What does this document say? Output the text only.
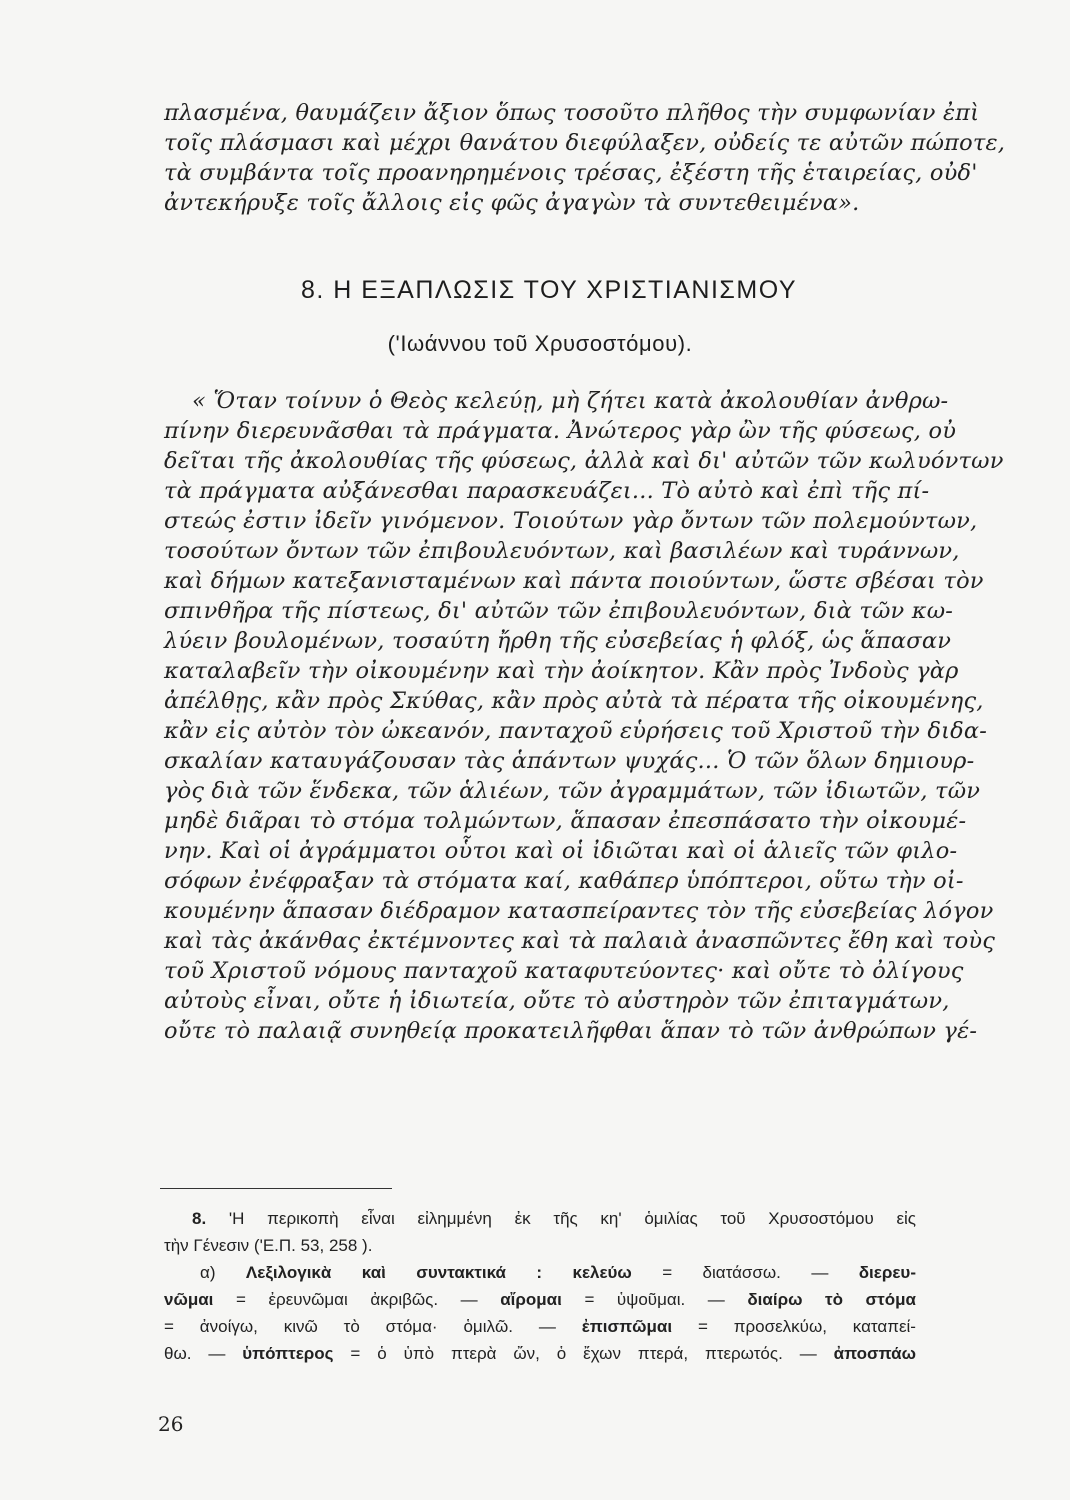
πλασμένα, θαυμάζειν ἄξιον ὅπως τοσοῦτο πλῆθος τὴν συμφωνίαν ἐπὶ
τοῖς πλάσμασι καὶ μέχρι θανάτου διεφύλαξεν, οὐδείς τε αὐτῶν πώποτε,
τὰ συμβάντα τοῖς προανηρημένοις τρέσας, ἐξέστη τῆς ἑταιρείας, οὐδ'
ἀντεκήρυξε τοῖς ἄλλοις εἰς φῶς ἀγαγὼν τὰ συντεθειμένα».
8. Η ΕΞΑΠΛΩΣΙΣ ΤΟΥ ΧΡΙΣΤΙΑΝΙΣΜΟΥ
('Ιωάννου τοῦ Χρυσοστόμου).
« Ὅταν τοίνυν ὁ Θεὸς κελεύῃ, μὴ ζήτει κατὰ ἀκολουθίαν ἀνθρω-
πίνην διερευνᾶσθαι τὰ πράγματα. Ἀνώτερος γὰρ ὢν τῆς φύσεως, οὐ
δεῖται τῆς ἀκολουθίας τῆς φύσεως, ἀλλὰ καὶ δι' αὐτῶν τῶν κωλυόντων
τὰ πράγματα αὐξάνεσθαι παρασκευάζει... Τὸ αὐτὸ καὶ ἐπὶ τῆς πί-
στεώς ἐστιν ἰδεῖν γινόμενον. Τοιούτων γὰρ ὄντων τῶν πολεμούντων,
τοσούτων ὄντων τῶν ἐπιβουλευόντων, καὶ βασιλέων καὶ τυράννων,
καὶ δήμων κατεξανισταμένων καὶ πάντα ποιούντων, ὥστε σβέσαι τὸν
σπινθῆρα τῆς πίστεως, δι' αὐτῶν τῶν ἐπιβουλευόντων, διὰ τῶν κω-
λύειν βουλομένων, τοσαύτη ἤρθη τῆς εὐσεβείας ἡ φλόξ, ὡς ἅπασαν
καταλαβεῖν τὴν οἰκουμένην καὶ τὴν ἀοίκητον. Κἂν πρὸς Ἰνδοὺς γὰρ
ἀπέλθῃς, κἂν πρὸς Σκύθας, κἂν πρὸς αὐτὰ τὰ πέρατα τῆς οἰκουμένης,
κἂν εἰς αὐτὸν τὸν ὠκεανόν, πανταχοῦ εὑρήσεις τοῦ Χριστοῦ τὴν διδα-
σκαλίαν καταυγάζουσαν τὰς ἁπάντων ψυχάς... Ὁ τῶν ὅλων δημιουρ-
γὸς διὰ τῶν ἕνδεκα, τῶν ἁλιέων, τῶν ἀγραμμάτων, τῶν ἰδιωτῶν, τῶν
μηδὲ διᾶραι τὸ στόμα τολμώντων, ἅπασαν ἐπεσπάσατο τὴν οἰκουμέ-
νην. Καὶ οἱ ἀγράμματοι οὗτοι καὶ οἱ ἰδιῶται καὶ οἱ ἁλιεῖς τῶν φιλο-
σόφων ἐνέφραξαν τὰ στόματα καί, καθάπερ ὑπόπτεροι, οὕτω τὴν οἰ-
κουμένην ἅπασαν διέδραμον κατασπείραντες τὸν τῆς εὐσεβείας λόγον
καὶ τὰς ἀκάνθας ἐκτέμνοντες καὶ τὰ παλαιὰ ἀνασπῶντες ἔθη καὶ τοὺς
τοῦ Χριστοῦ νόμους πανταχοῦ καταφυτεύοντες· καὶ οὔτε τὸ ὀλίγους
αὐτοὺς εἶναι, οὔτε ἡ ἰδιωτεία, οὔτε τὸ αὐστηρὸν τῶν ἐπιταγμάτων,
οὔτε τὸ παλαιᾷ συνηθείᾳ προκατειλῆφθαι ἅπαν τὸ τῶν ἀνθρώπων γέ-
8. 'Η περικοπὴ εἶναι εἰλημμένη ἐκ τῆς κη' ὁμιλίας τοῦ Χρυσοστόμου εἰς
τὴν Γένεσιν ('Ε.Π. 53, 258 ).
α) Λεξιλογικὰ καὶ συντακτικά : κελεύω = διατάσσω. — διερευ-
νῶμαι = ἐρευνῶμαι ἀκριβῶς. — αἴρομαι = ὑψοῦμαι. — διαίρω τὸ στόμα
= ἀνοίγω, κινῶ τὸ στόμα· ὁμιλῶ. — ἐπισπῶμαι = προσελκύω, καταπεί-
θω. — ὑπόπτερος = ὁ ὑπὸ πτερὰ ὤν, ὁ ἔχων πτερά, πτερωτός. — ἀποσπάω
26
